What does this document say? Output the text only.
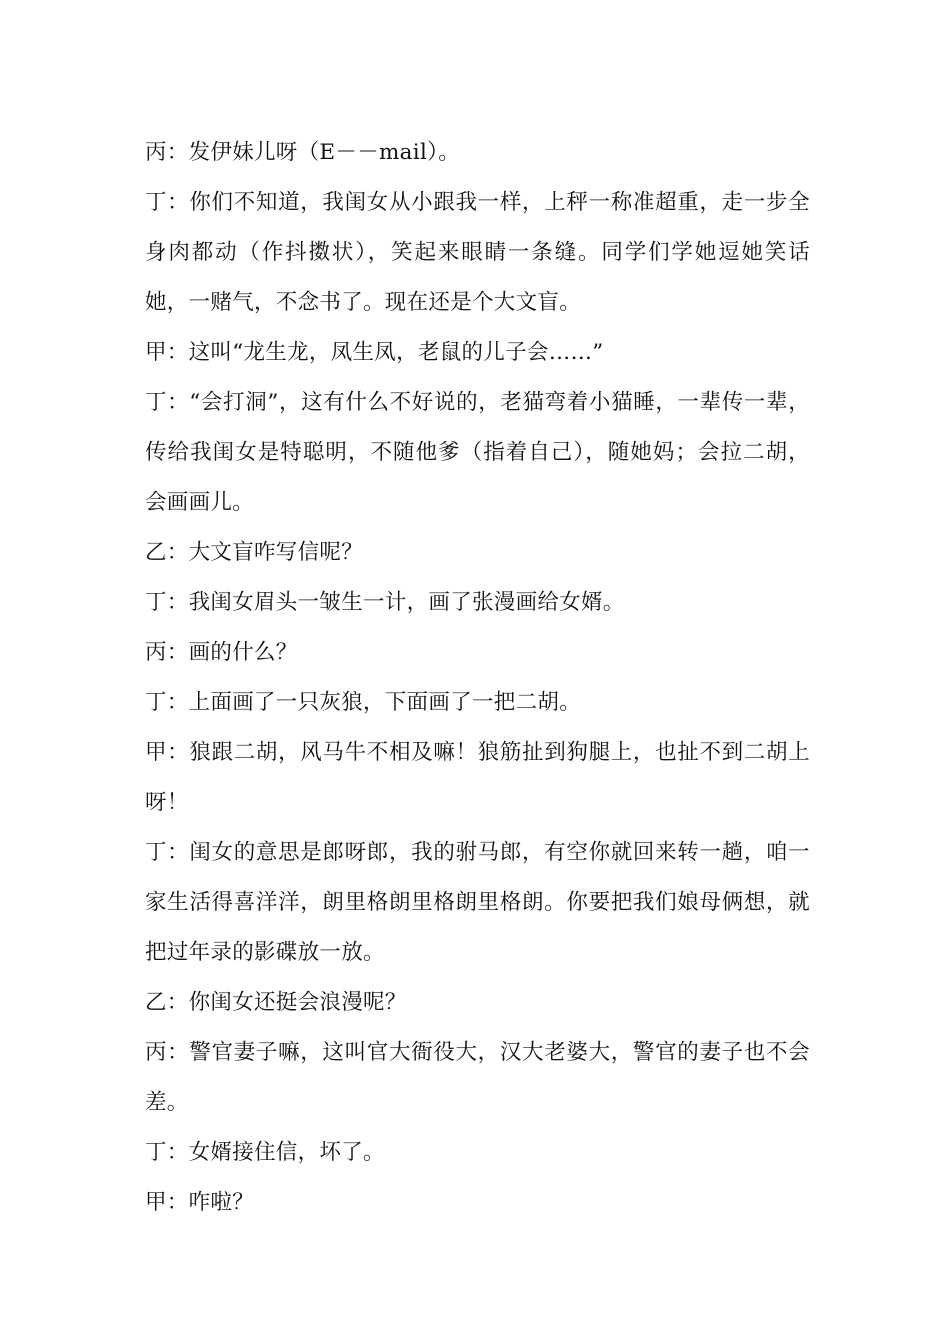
丙：发伊妹儿呀（E－－mail）。

丁：你们不知道，我闺女从小跟我一样，上秤一称准超重，走一步全身肉都动（作抖擞状），笑起来眼睛一条缝。同学们学她逗她笑话她，一赌气，不念书了。现在还是个大文盲。

甲：这叫“龙生龙，凤生凤，老鼠的儿子会……”

丁：“会打洞”，这有什么不好说的，老猫弯着小猫睡，一辈传一辈，传给我闺女是特聪明，不随他爹（指着自己），随她妈；会拉二胡，会画画儿。

乙：大文盲咋写信呢？

丁：我闺女眉头一皱生一计，画了张漫画给女婿。

丙：画的什么？

丁：上面画了一只灰狼，下面画了一把二胡。

甲：狼跟二胡，风马牛不相及嘛！狼筋扯到狗腿上，也扯不到二胡上呀！

丁：闺女的意思是郎呀郎，我的驸马郎，有空你就回来转一趟，咱一家生活得喜洋洋，朗里格朗里格朗里格朗。你要把我们娘母俩想，就把过年录的影碟放一放。

乙：你闺女还挺会浪漫呢？

丙：警官妻子嘛，这叫官大衙役大，汉大老婆大，警官的妻子也不会差。

丁：女婿接住信，坏了。

甲：咋啦？
